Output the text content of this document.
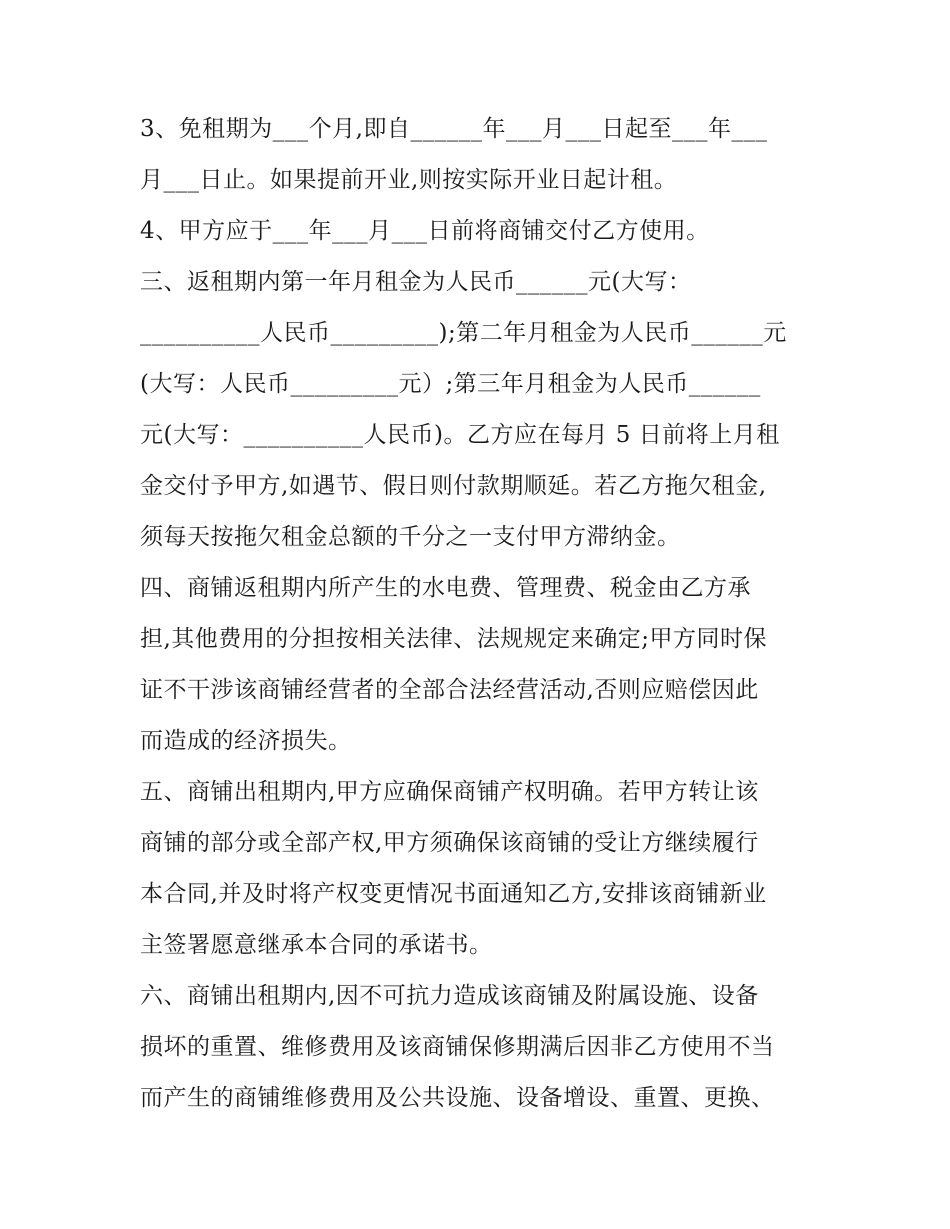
3、免租期为___个月,即自______年___月___日起至___年___
月___日止。如果提前开业,则按实际开业日起计租。
4、甲方应于___年___月___日前将商铺交付乙方使用。
三、返租期内第一年月租金为人民币______元(大写：
__________人民币_________);第二年月租金为人民币______元
(大写：人民币_________元）;第三年月租金为人民币______
元(大写：__________人民币)。乙方应在每月 5 日前将上月租
金交付予甲方,如遇节、假日则付款期顺延。若乙方拖欠租金,
须每天按拖欠租金总额的千分之一支付甲方滞纳金。
四、商铺返租期内所产生的水电费、管理费、税金由乙方承
担,其他费用的分担按相关法律、法规规定来确定;甲方同时保
证不干涉该商铺经营者的全部合法经营活动,否则应赔偿因此
而造成的经济损失。
五、商铺出租期内,甲方应确保商铺产权明确。若甲方转让该
商铺的部分或全部产权,甲方须确保该商铺的受让方继续履行
本合同,并及时将产权变更情况书面通知乙方,安排该商铺新业
主签署愿意继承本合同的承诺书。
六、商铺出租期内,因不可抗力造成该商铺及附属设施、设备
损坏的重置、维修费用及该商铺保修期满后因非乙方使用不当
而产生的商铺维修费用及公共设施、设备增设、重置、更换、
